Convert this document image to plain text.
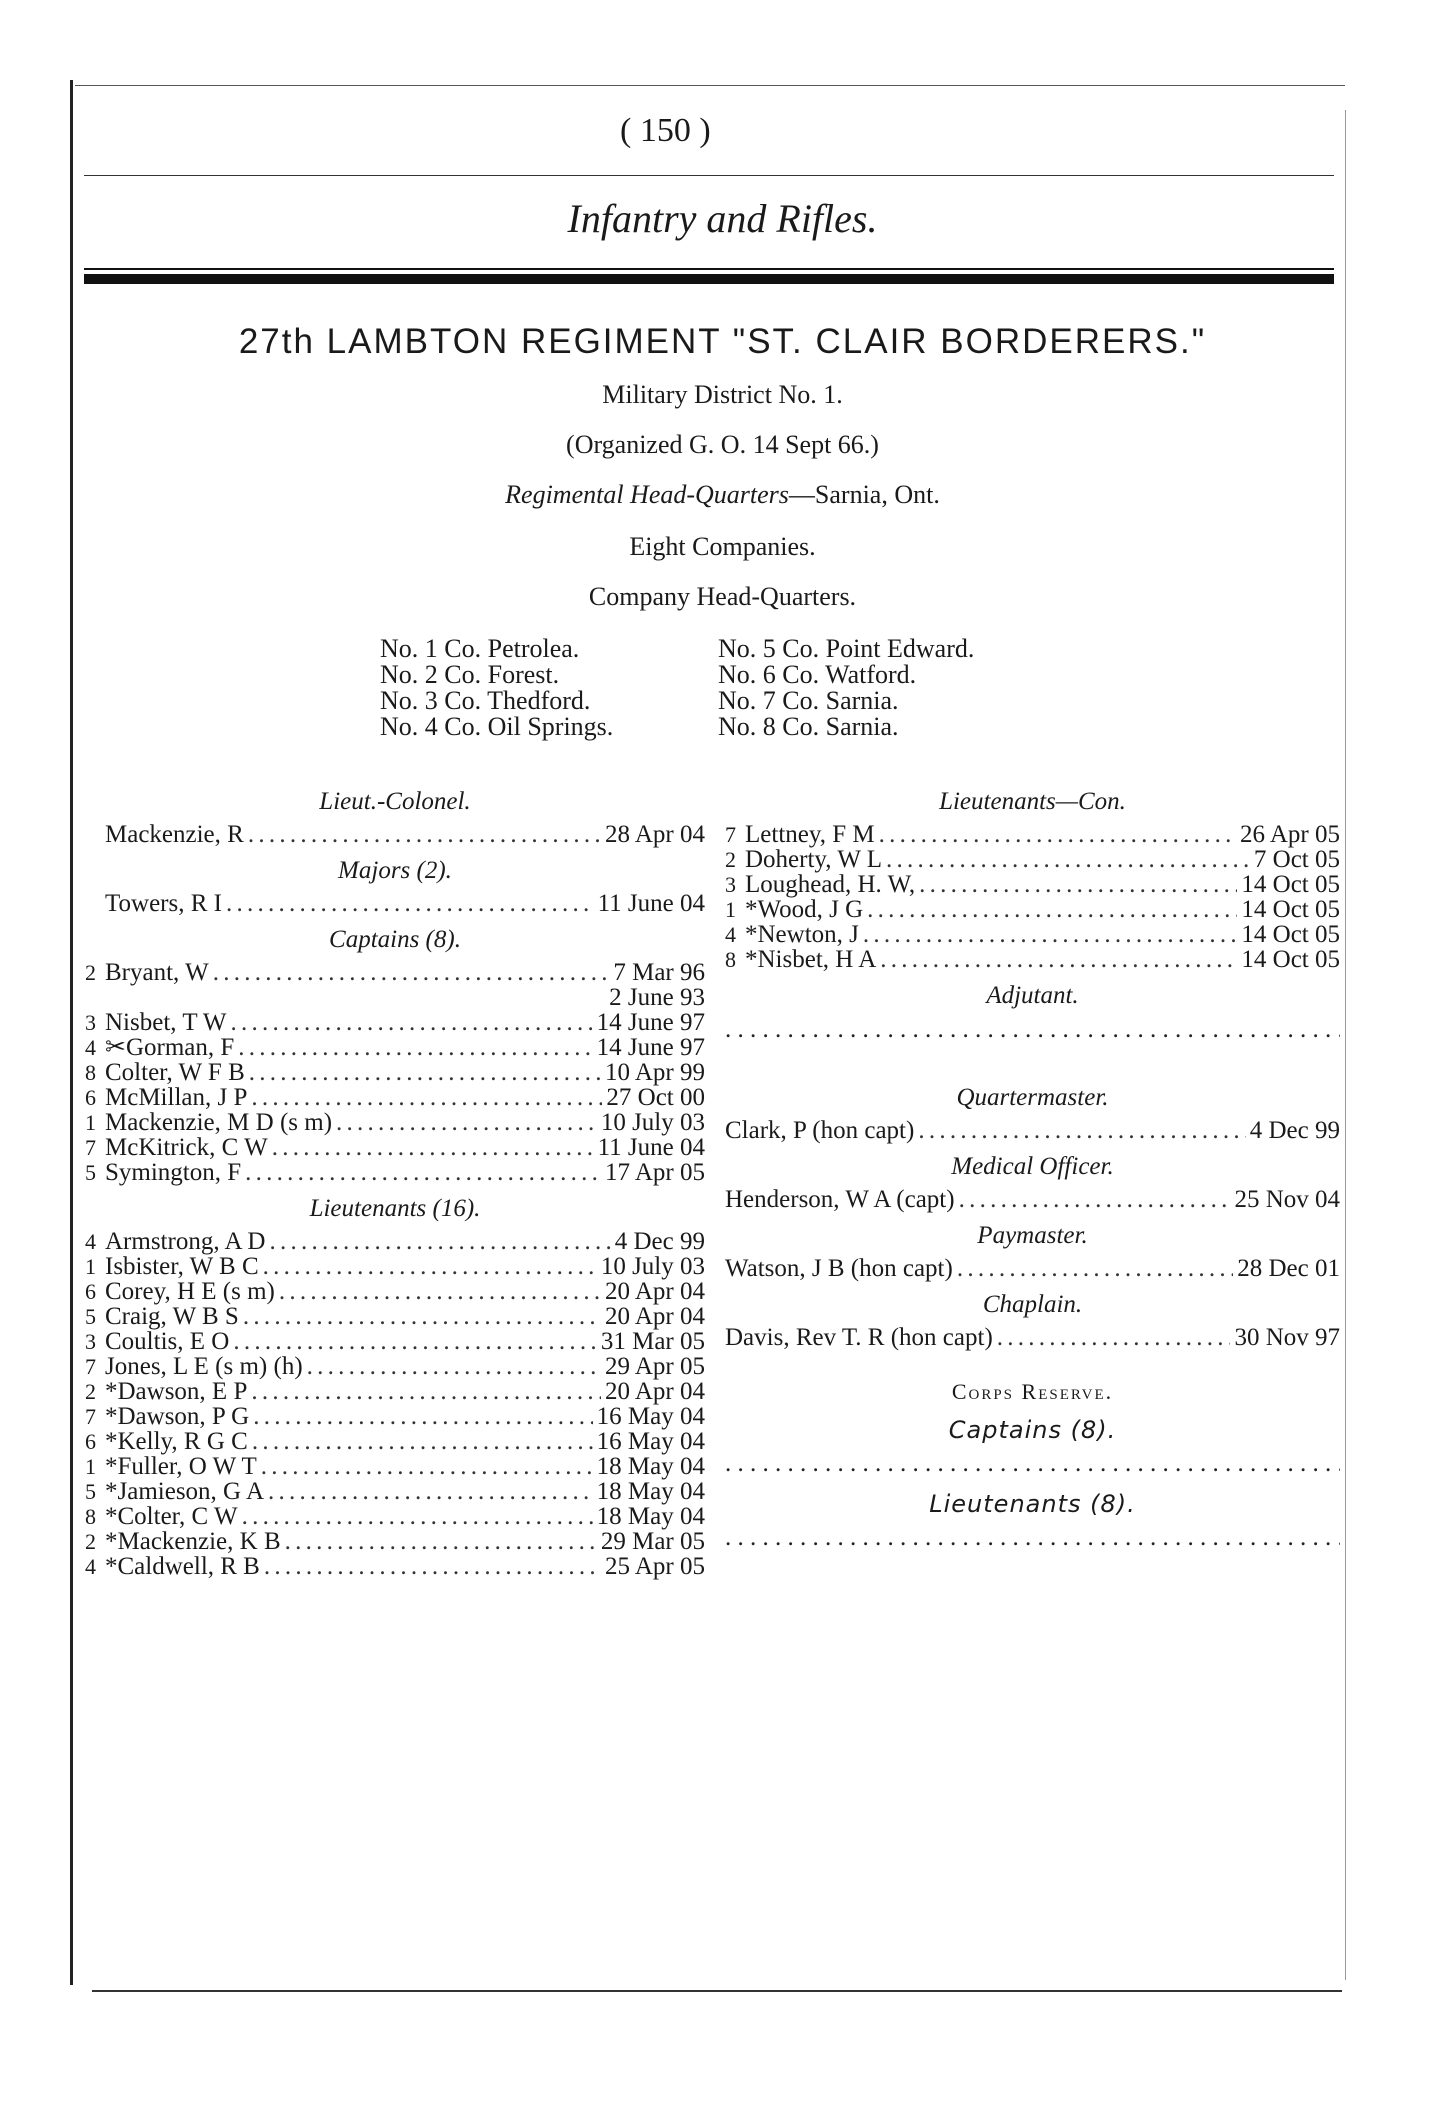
( 150 )
Infantry and Rifles.
27th LAMBTON REGIMENT "ST. CLAIR BORDERERS."
Military District No. 1.
(Organized G. O. 14 Sept 66.)
Regimental Head-Quarters—Sarnia, Ont.
Eight Companies.
Company Head-Quarters.
No. 1 Co. Petrolea.
No. 2 Co. Forest.
No. 3 Co. Thedford.
No. 4 Co. Oil Springs.
No. 5 Co. Point Edward.
No. 6 Co. Watford.
No. 7 Co. Sarnia.
No. 8 Co. Sarnia.
Lieut.-Colonel.
Mackenzie, R . . .	28 Apr 04
Majors (2).
Towers, R I . . .	11 June 04
Captains (8).
2 Bryant, W . . .	7 Mar 96
2 June 93
3 Nisbet, T W . . .	14 June 97
4 ✂Gorman, F . . .	14 June 97
8 Colter, W F B . . .	10 Apr 99
6 McMillan, J P . . .	27 Oct 00
1 Mackenzie, M D (s m) . . .	10 July 03
7 McKitrick, C W . . .	11 June 04
5 Symington, F . . .	17 Apr 05
Lieutenants (16).
4 Armstrong, A D . . .	4 Dec 99
1 Isbister, W B C . . .	10 July 03
6 Corey, H E (s m) . . .	20 Apr 04
5 Craig, W B S . . .	20 Apr 04
3 Coultis, E O . . .	31 Mar 05
7 Jones, L E (s m) (h) . . .	29 Apr 05
2 *Dawson, E P . . .	20 Apr 04
7 *Dawson, P G . . .	16 May 04
6 *Kelly, R G C . . .	16 May 04
1 *Fuller, O W T . . .	18 May 04
5 *Jamieson, G A . . .	18 May 04
8 *Colter, C W . . .	18 May 04
2 *Mackenzie, K B . . .	29 Mar 05
4 *Caldwell, R B . . .	25 Apr 05
Lieutenants—Con.
7 Lettney, F M . . .	26 Apr 05
2 Doherty, W L . . .	7 Oct 05
3 Loughead, H. W, . . .	14 Oct 05
1 *Wood, J G . . .	14 Oct 05
4 *Newton, J . . .	14 Oct 05
8 *Nisbet, H A . . .	14 Oct 05
Adjutant.
. . .
Quartermaster.
Clark, P (hon capt) . . .	4 Dec 99
Medical Officer.
Henderson, W A (capt) . . .	25 Nov 04
Paymaster.
Watson, J B (hon capt) . . .	28 Dec 01
Chaplain.
Davis, Rev T. R (hon capt) . . .	30 Nov 97
Corps Reserve.
Captains (8).
. . .
Lieutenants (8).
. . .
